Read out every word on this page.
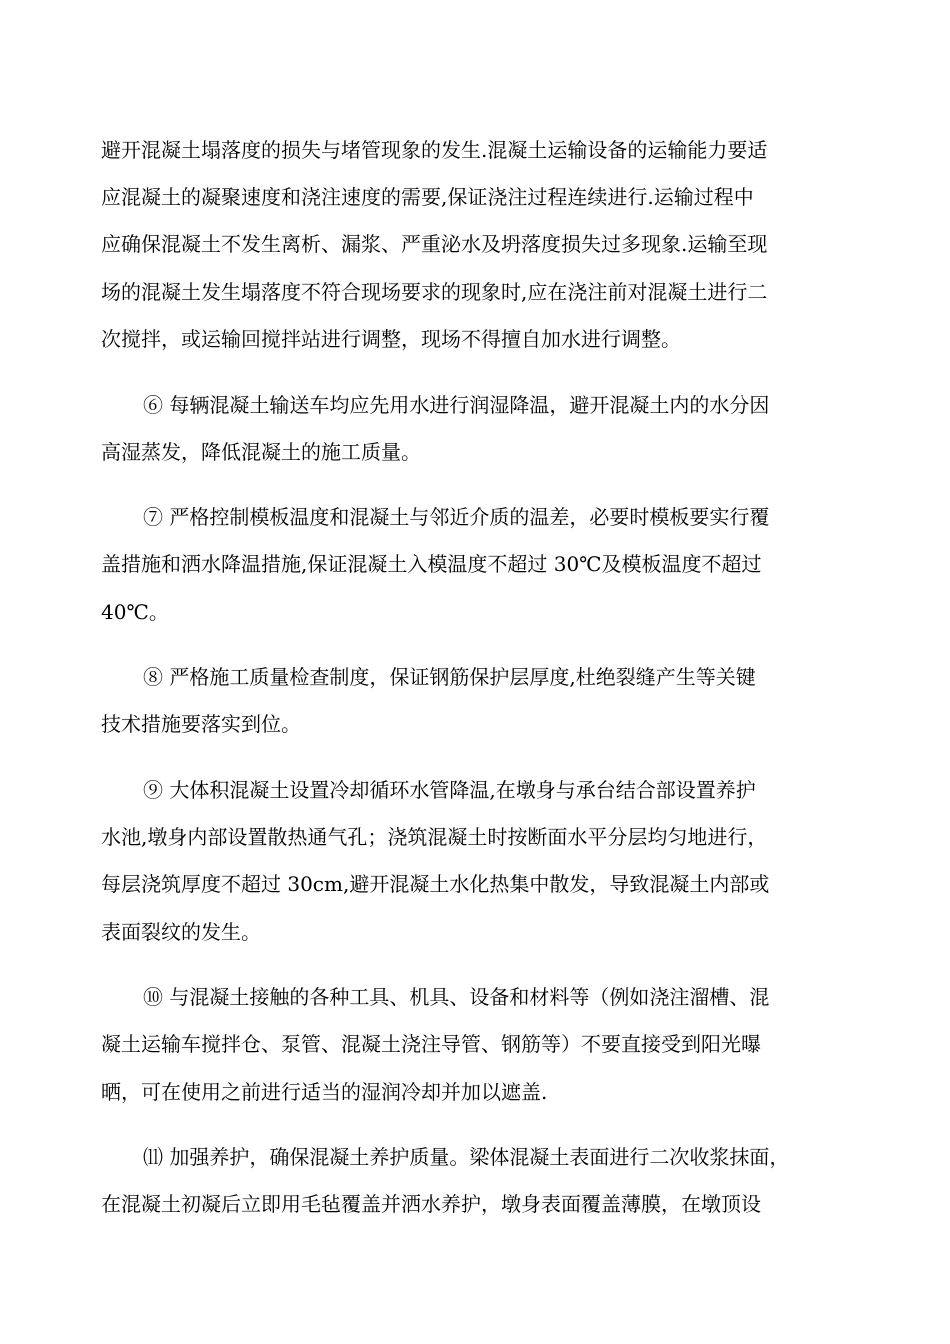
避开混凝土塌落度的损失与堵管现象的发生.混凝土运输设备的运输能力要适
应混凝土的凝聚速度和浇注速度的需要,保证浇注过程连续进行.运输过程中
应确保混凝土不发生离析、漏浆、严重泌水及坍落度损失过多现象.运输至现
场的混凝土发生塌落度不符合现场要求的现象时,应在浇注前对混凝土进行二
次搅拌，或运输回搅拌站进行调整，现场不得擅自加水进行调整。
⑥ 每辆混凝土输送车均应先用水进行润湿降温，避开混凝土内的水分因
高湿蒸发，降低混凝土的施工质量。
⑦ 严格控制模板温度和混凝土与邻近介质的温差，必要时模板要实行覆
盖措施和洒水降温措施,保证混凝土入模温度不超过 30℃及模板温度不超过
40℃。
⑧ 严格施工质量检查制度，保证钢筋保护层厚度,杜绝裂缝产生等关键
技术措施要落实到位。
⑨ 大体积混凝土设置冷却循环水管降温,在墩身与承台结合部设置养护
水池,墩身内部设置散热通气孔；浇筑混凝土时按断面水平分层均匀地进行，
每层浇筑厚度不超过 30cm,避开混凝土水化热集中散发，导致混凝土内部或
表面裂纹的发生。
⑩ 与混凝土接触的各种工具、机具、设备和材料等（例如浇注溜槽、混
凝土运输车搅拌仓、泵管、混凝土浇注导管、钢筋等）不要直接受到阳光曝
晒，可在使用之前进行适当的湿润冷却并加以遮盖.
⑾ 加强养护，确保混凝土养护质量。梁体混凝土表面进行二次收浆抹面，
在混凝土初凝后立即用毛毡覆盖并洒水养护，墩身表面覆盖薄膜，在墩顶设
